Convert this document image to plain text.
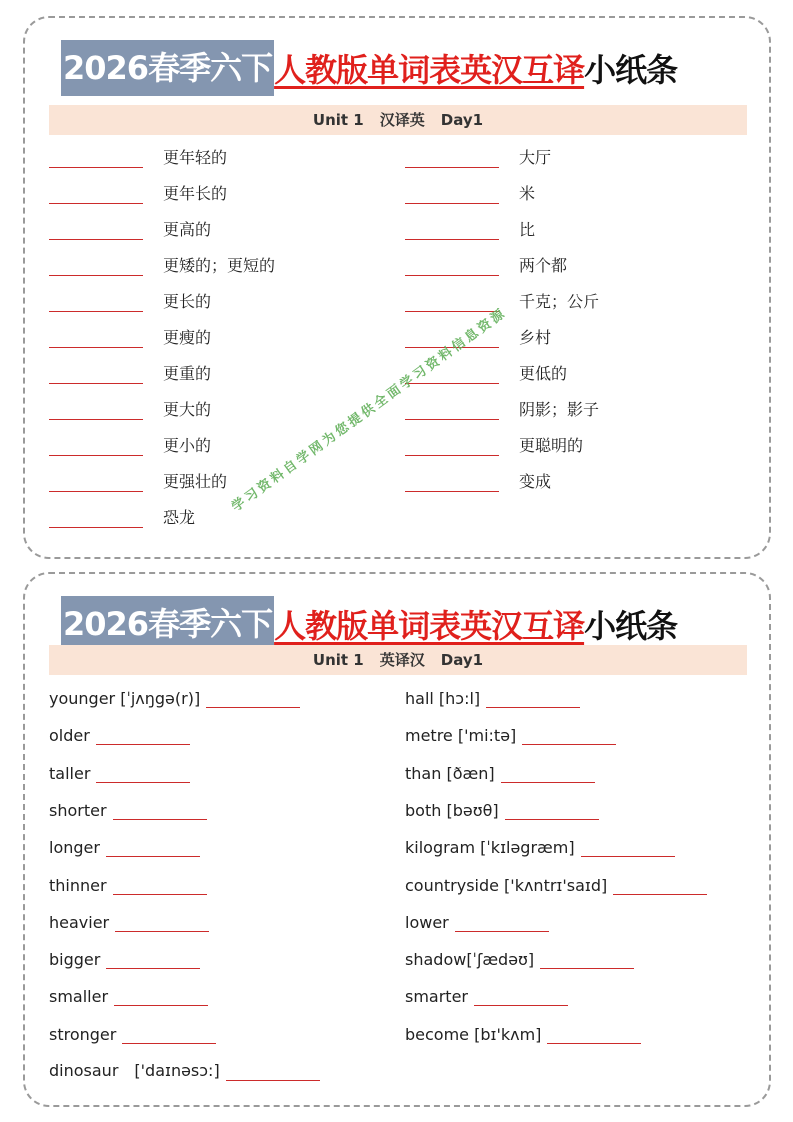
2026春季六下 人教版单词表英汉互译 小纸条
Unit 1 汉译英 Day1
更年轻的
更年长的
更高的
更矮的；更短的
更长的
更瘦的
更重的
更大的
更小的
更强壮的
恐龙
大厅
米
比
两个都
千克；公斤
乡村
更低的
阴影；影子
更聪明的
变成
2026春季六下 人教版单词表英汉互译 小纸条
Unit 1 英译汉 Day1
younger [ˈjʌŋgə(r)]
older
taller
shorter
longer
thinner
heavier
bigger
smaller
stronger
dinosaur　['daɪnəsɔ:]
hall [hɔ:l]
metre ['mi:tə]
than [ðæn]
both [bəʊθ]
kilogram [ˈkɪləgræm]
countryside ['kʌntrɪ'saɪd]
lower
shadow[ˈʃædəʊ]
smarter
become [bɪ'kʌm]
学习资料自学网为您提供全面学习资料信息资源
